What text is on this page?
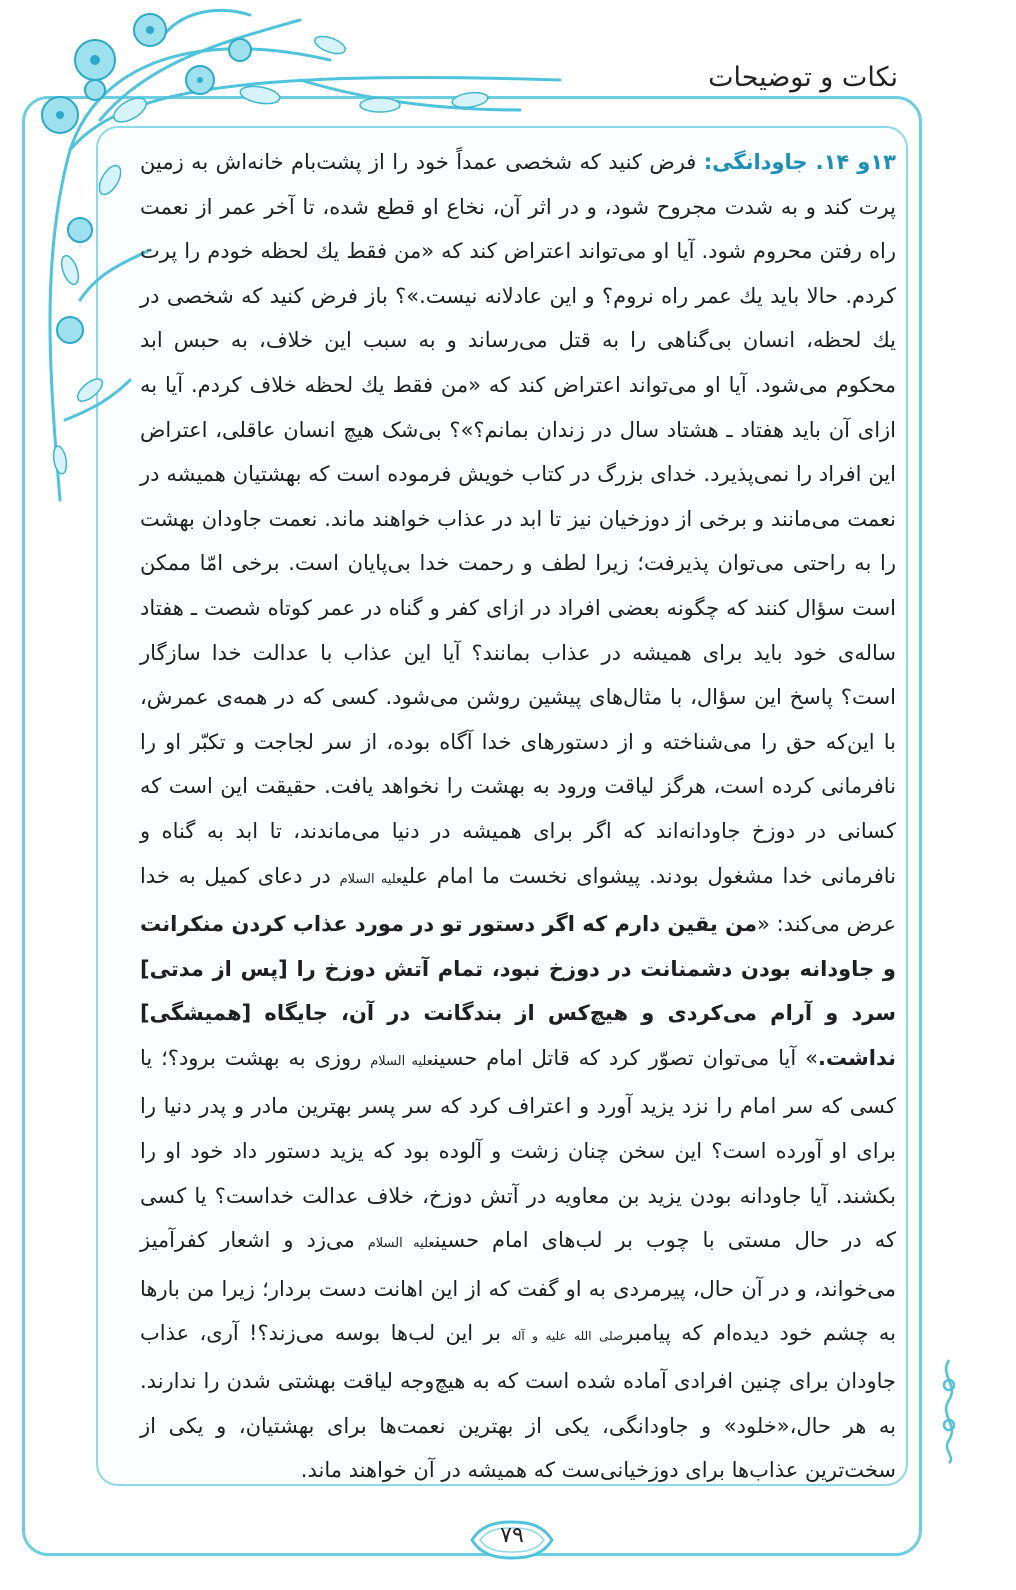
نکات و توضیحات

۱۳و ۱۴. جاودانگی: فرض کنید که شخصی عمداً خود را از پشت‌بام خانه‌اش به زمین پرت کند و به شدت مجروح شود، و در اثر آن، نخاع او قطع شده، تا آخر عمر از نعمت راه رفتن محروم شود. آیا او می‌تواند اعتراض کند که «من فقط یك لحظه خودم را پرت کردم. حالا باید یك عمر راه نروم؟ و این عادلانه نیست.»؟ باز فرض کنید که شخصی در یك لحظه، انسان بی‌گناهی را به قتل می‌رساند و به سبب این خلاف، به حبس ابد محکوم می‌شود. آیا او می‌تواند اعتراض کند که «من فقط یك لحظه خلاف کردم. آیا به ازای آن باید هفتاد ـ هشتاد سال در زندان بمانم؟»؟ بی‌شک هیچ انسان عاقلی، اعتراض این افراد را نمی‌پذیرد. خدای بزرگ در کتاب خویش فرموده است که بهشتیان همیشه در نعمت می‌مانند و برخی از دوزخیان نیز تا ابد در عذاب خواهند ماند. نعمت جاودان بهشت را به راحتی می‌توان پذیرفت؛ زیرا لطف و رحمت خدا بی‌پایان است. برخی امّا ممکن است سؤال کنند که چگونه بعضی افراد در ازای کفر و گناه در عمر کوتاه شصت ـ هفتاد ساله‌ی خود باید برای همیشه در عذاب بمانند؟ آیا این عذاب با عدالت خدا سازگار است؟ پاسخ این سؤال، با مثال‌های پیشین روشن می‌شود. کسی که در همه‌ی عمرش، با این‌که حق را می‌شناخته و از دستورهای خدا آگاه بوده، از سر لجاجت و تکبّر او را نافرمانی کرده است، هرگز لیاقت ورود به بهشت را نخواهد یافت. حقیقت این است که کسانی در دوزخ جاودانه‌اند که اگر برای همیشه در دنیا می‌ماندند، تا ابد به گناه و نافرمانی خدا مشغول بودند. پیشوای نخست ما امام علیعلیه السلام در دعای کمیل به خدا عرض می‌کند: «من یقین دارم که اگر دستور تو در مورد عذاب کردن منکرانت و جاودانه بودن دشمنانت در دوزخ نبود، تمام آتش دوزخ را [پس از مدتی] سرد و آرام می‌کردی و هیچ‌کس از بندگانت در آن، جایگاه [همیشگی] نداشت.» آیا می‌توان تصوّر کرد که قاتل امام حسینعلیه السلام روزی به بهشت برود؟؛ یا کسی که سر امام را نزد یزید آورد و اعتراف کرد که سر پسر بهترین مادر و پدر دنیا را برای او آورده است؟ این سخن چنان زشت و آلوده بود که یزید دستور داد خود او را بکشند. آیا جاودانه بودن یزید بن معاویه در آتش دوزخ، خلاف عدالت خداست؟ یا کسی که در حال مستی با چوب بر لب‌های امام حسینعلیه السلام می‌زد و اشعار کفرآمیز می‌خواند، و در آن حال، پیرمردی به او گفت که از این اهانت دست بردار؛ زیرا من بارها به چشم خود دیده‌ام که پیامبرصلی الله علیه و آله بر این لب‌ها بوسه می‌زند؟! آری، عذاب جاودان برای چنین افرادی آماده شده است که به هیچ‌وجه لیاقت بهشتی شدن را ندارند. به هر حال،«خلود» و جاودانگی، یکی از بهترین نعمت‌ها برای بهشتیان، و یکی از سخت‌ترین عذاب‌ها برای دوزخیانی‌ست که همیشه در آن خواهند ماند.

۷۹
